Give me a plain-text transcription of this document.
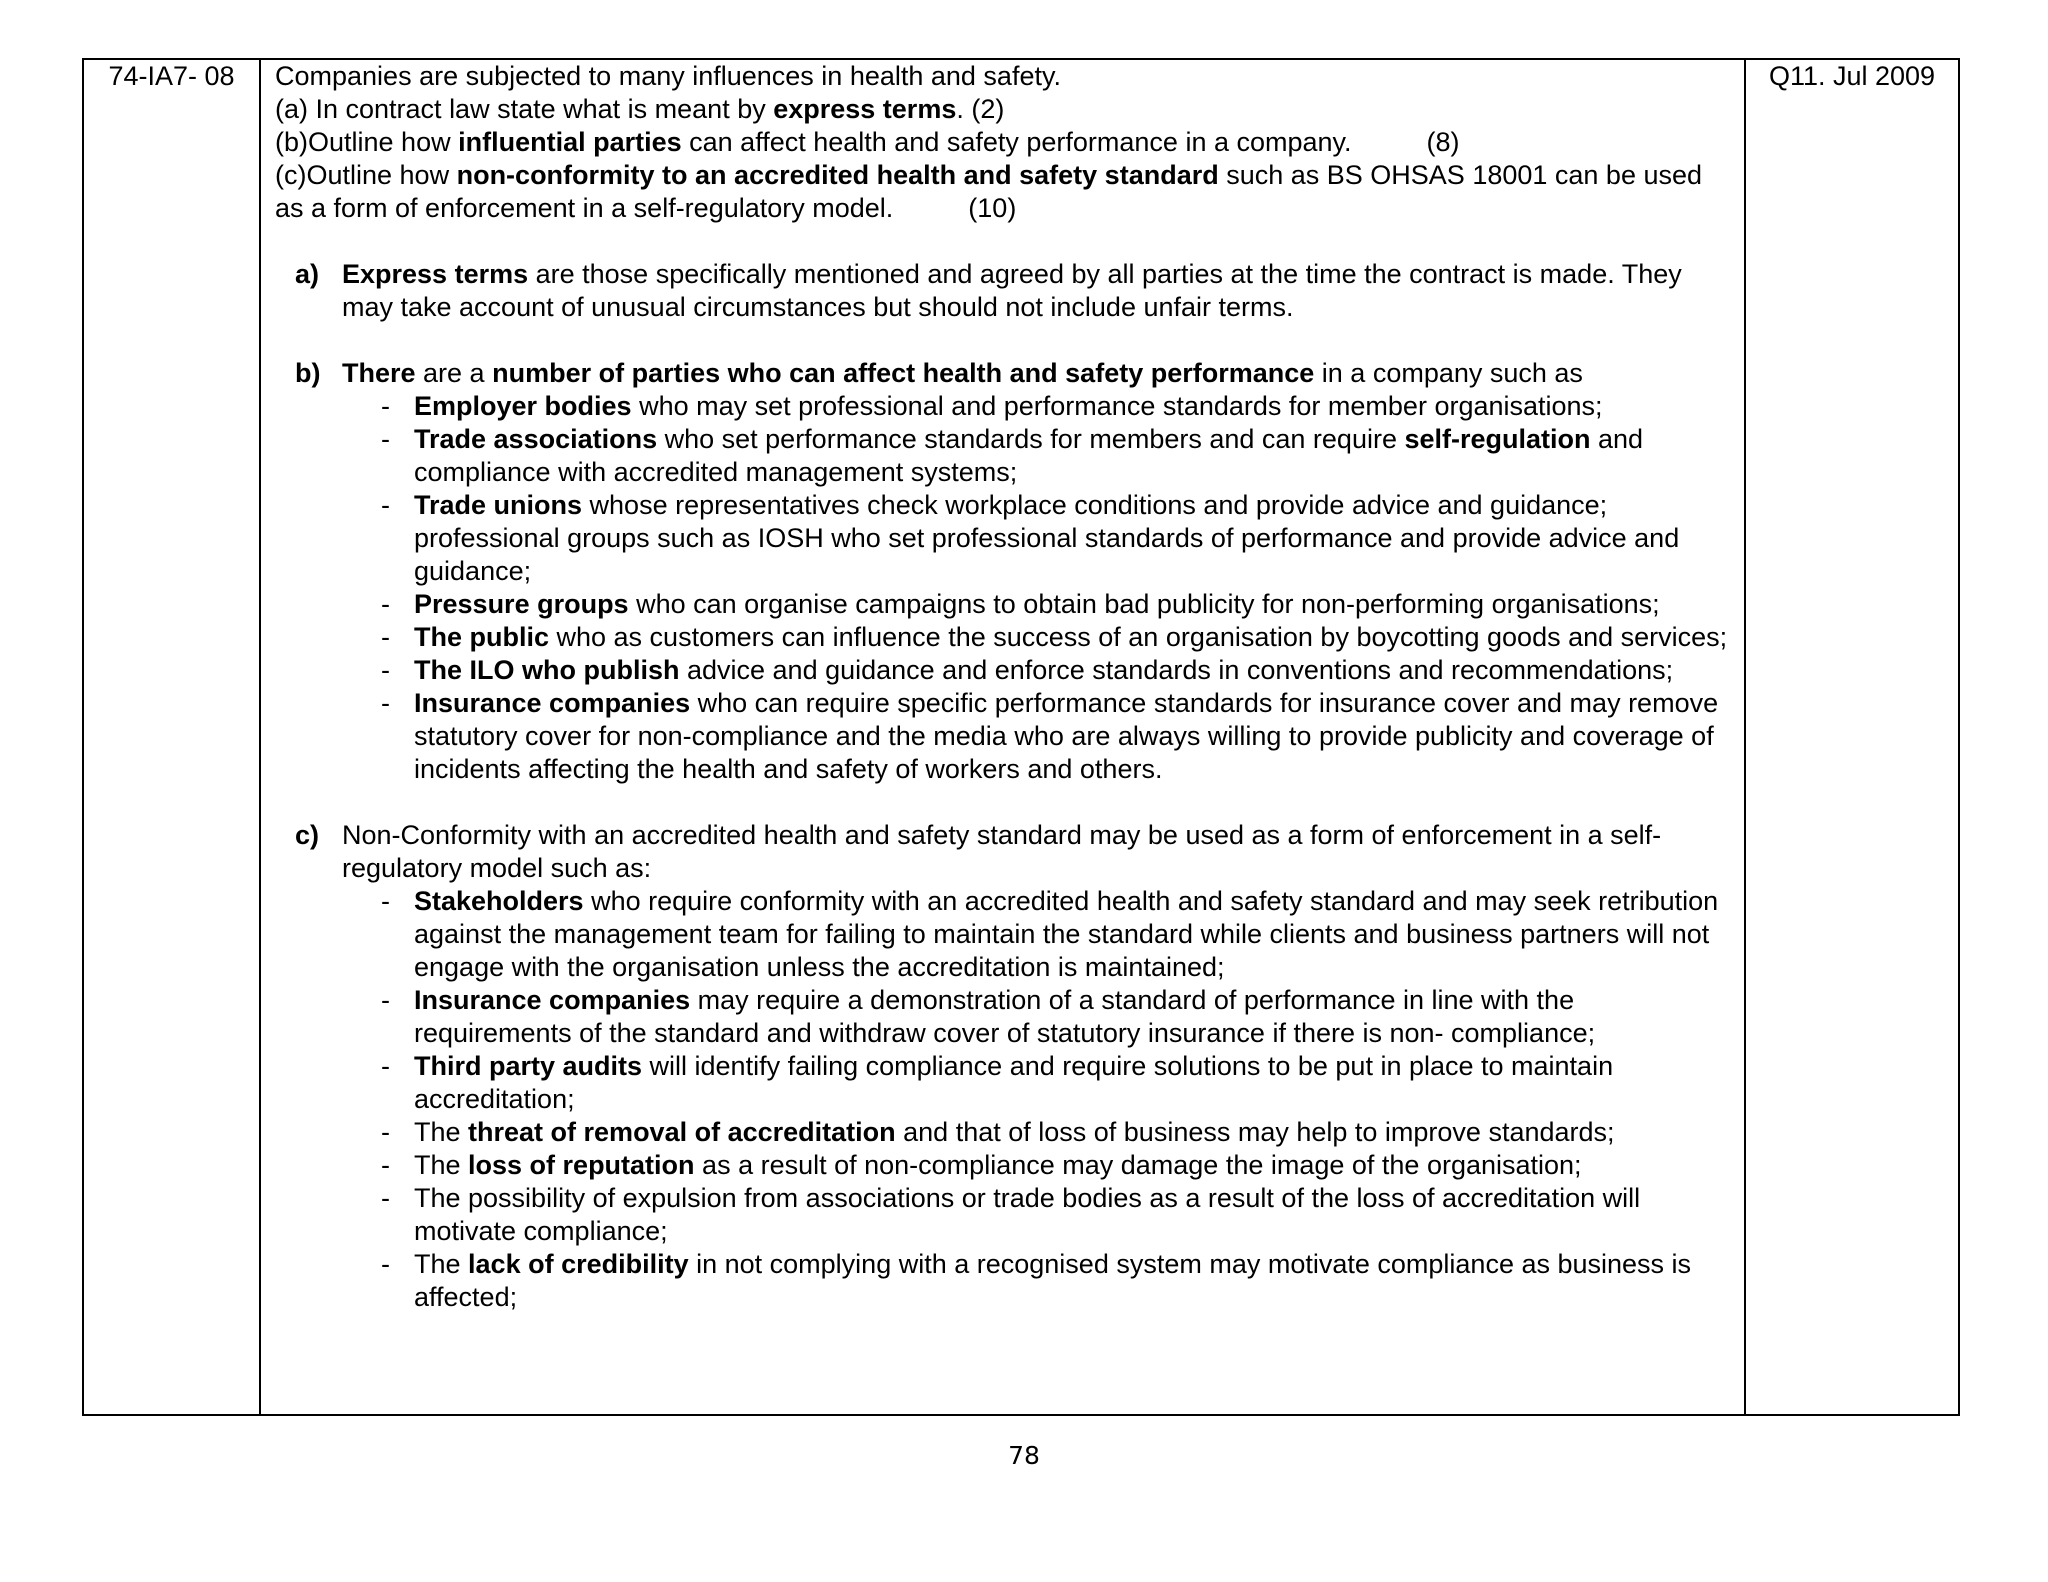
74-IA7- 08	Companies are subjected to many influences in health and safety.
(a) In contract law state what is meant by express terms. (2)
(b)Outline how influential parties can affect health and safety performance in a company.          (8)
(c)Outline how non-conformity to an accredited health and safety standard such as BS OHSAS 18001 can be used as a form of enforcement in a self-regulatory model.          (10)
a) Express terms are those specifically mentioned and agreed by all parties at the time the contract is made. They may take account of unusual circumstances but should not include unfair terms.
b) There are a number of parties who can affect health and safety performance in a company such as
- Employer bodies who may set professional and performance standards for member organisations;
- Trade associations who set performance standards for members and can require self-regulation and compliance with accredited management systems;
- Trade unions whose representatives check workplace conditions and provide advice and guidance; professional groups such as IOSH who set professional standards of performance and provide advice and guidance;
- Pressure groups who can organise campaigns to obtain bad publicity for non-performing organisations;
- The public who as customers can influence the success of an organisation by boycotting goods and services;
- The ILO who publish advice and guidance and enforce standards in conventions and recommendations;
- Insurance companies who can require specific performance standards for insurance cover and may remove statutory cover for non-compliance and the media who are always willing to provide publicity and coverage of incidents affecting the health and safety of workers and others.
c) Non-Conformity with an accredited health and safety standard may be used as a form of enforcement in a self-regulatory model such as:
- Stakeholders who require conformity with an accredited health and safety standard and may seek retribution against the management team for failing to maintain the standard while clients and business partners will not engage with the organisation unless the accreditation is maintained;
- Insurance companies may require a demonstration of a standard of performance in line with the requirements of the standard and withdraw cover of statutory insurance if there is non- compliance;
- Third party audits will identify failing compliance and require solutions to be put in place to maintain accreditation;
- The threat of removal of accreditation and that of loss of business may help to improve standards;
- The loss of reputation as a result of non-compliance may damage the image of the organisation;
- The possibility of expulsion from associations or trade bodies as a result of the loss of accreditation will motivate compliance;
- The lack of credibility in not complying with a recognised system may motivate compliance as business is affected;
	Q11. Jul 2009
78
